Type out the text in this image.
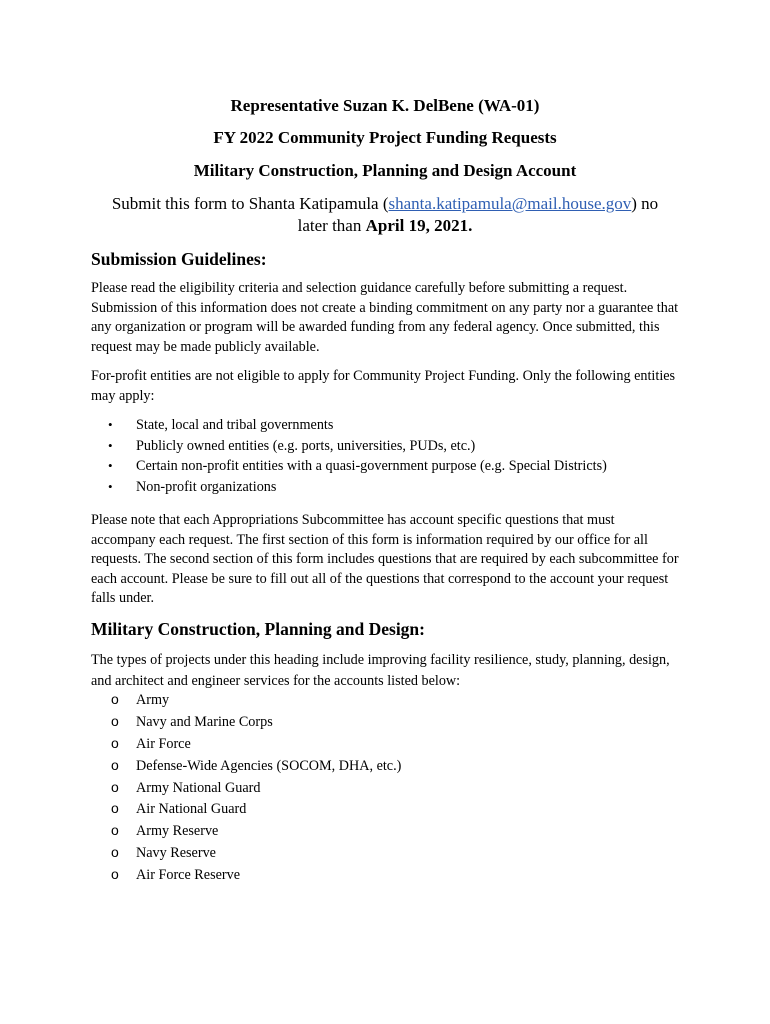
Representative Suzan K. DelBene (WA-01)
FY 2022 Community Project Funding Requests
Military Construction, Planning and Design Account
Submit this form to Shanta Katipamula (shanta.katipamula@mail.house.gov) no
later than April 19, 2021.
Submission Guidelines:
Please read the eligibility criteria and selection guidance carefully before submitting a request. Submission of this information does not create a binding commitment on any party nor a guarantee that any organization or program will be awarded funding from any federal agency. Once submitted, this request may be made publicly available.
For-profit entities are not eligible to apply for Community Project Funding. Only the following entities may apply:
• State, local and tribal governments
• Publicly owned entities (e.g. ports, universities, PUDs, etc.)
• Certain non-profit entities with a quasi-government purpose (e.g. Special Districts)
• Non-profit organizations
Please note that each Appropriations Subcommittee has account specific questions that must accompany each request. The first section of this form is information required by our office for all requests. The second section of this form includes questions that are required by each subcommittee for each account. Please be sure to fill out all of the questions that correspond to the account your request falls under.
Military Construction, Planning and Design:
The types of projects under this heading include improving facility resilience, study, planning, design, and architect and engineer services for the accounts listed below:
o Army
o Navy and Marine Corps
o Air Force
o Defense-Wide Agencies (SOCOM, DHA, etc.)
o Army National Guard
o Air National Guard
o Army Reserve
o Navy Reserve
o Air Force Reserve
